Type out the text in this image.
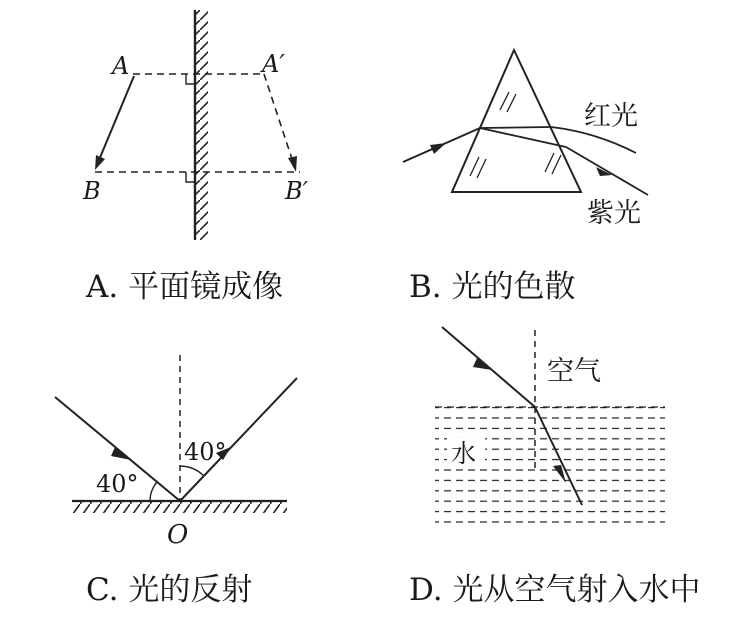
A	A′
B	B′
红光
紫光
40°
40°
O
空气
水
A. 平面镜成像	B. 光的色散
C. 光的反射	D. 光从空气射入水中
